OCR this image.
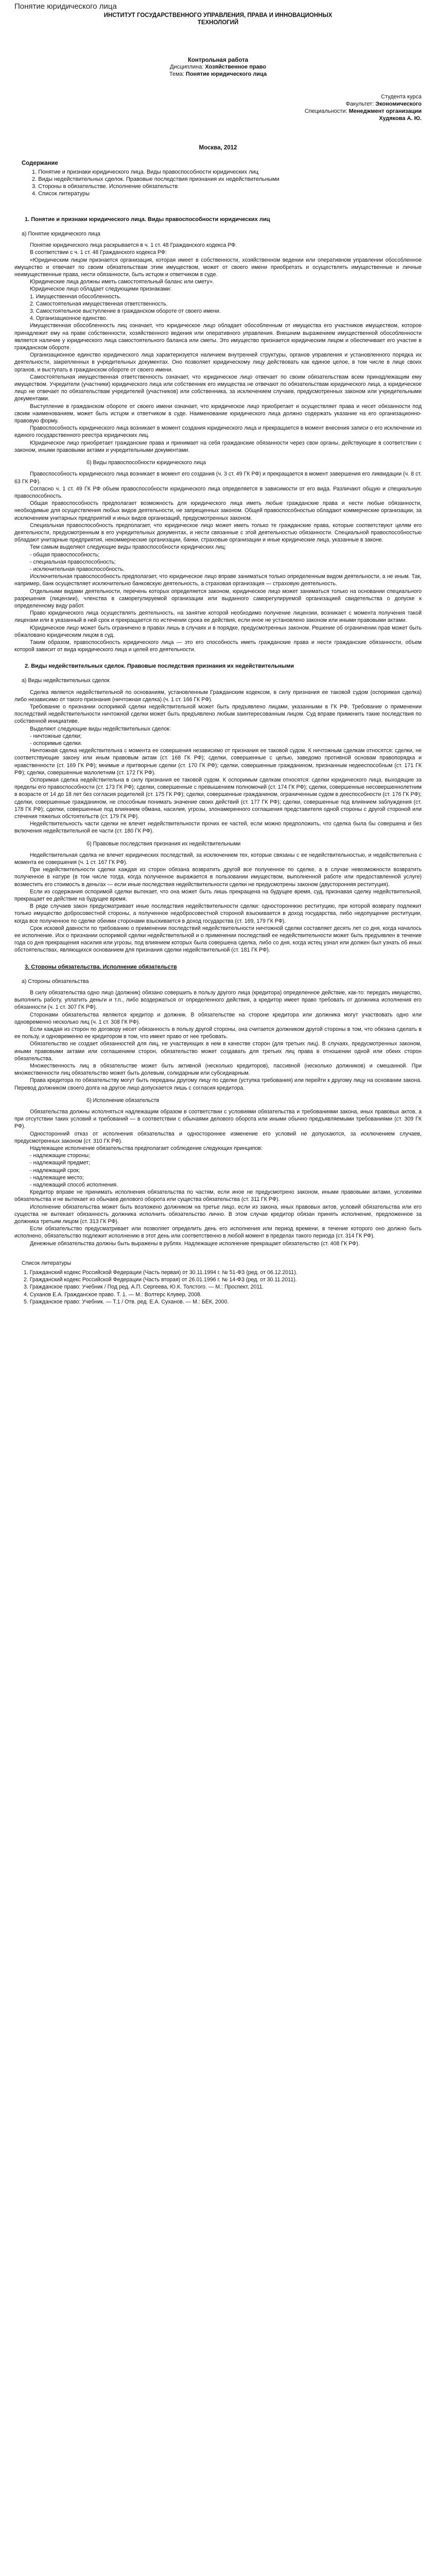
Понятие юридического лица
ИНСТИТУТ ГОСУДАРСТВЕННОГО УПРАВЛЕНИЯ, ПРАВА И ИННОВАЦИОННЫХ ТЕХНОЛОГИЙ
Контрольная работа
Дисциплина: Хозяйственное право
Тема: Понятие юридического лица
Студента курса
Факультет: Экономического
Специальности: Менеджмент организации
Худякова А. Ю.
Москва, 2012
Содержание
1. Понятие и признаки юридического лица. Виды правоспособности юридических лиц
2. Виды недействительных сделок. Правовые последствия признания их недействительными
3. Стороны в обязательстве. Исполнение обязательств
4. Список литературы
1. Понятие и признаки юридического лица. Виды правоспособности юридических лиц

а) Понятие юридического лица

Понятие юридического лица раскрывается в ч. 1 ст. 48 Гражданского кодекса РФ.

В соответствии с ч. 1 ст. 48 Гражданского кодекса РФ:

«Юридическим лицом признается организация, которая имеет в собственности, хозяйственном ведении или оперативном управлении обособленное имущество и отвечает по своим обязательствам этим имуществом, может от своего имени приобретать и осуществлять имущественные и личные неимущественные права, нести обязанности, быть истцом и ответчиком в суде.

Юридические лица должны иметь самостоятельный баланс или смету».

Юридическое лицо обладает следующими признаками:

1. Имущественная обособленность.

2. Самостоятельная имущественная ответственность.

3. Самостоятельное выступление в гражданском обороте от своего имени.

4. Организационное единство.

Имущественная обособленность лиц означает, что юридическое лицо обладает обособленным от имущества его участников имуществом, которое принадлежит ему на праве собственности, хозяйственного ведения или оперативного управления. Внешним выражением имущественной обособленности является наличие у юридического лица самостоятельного баланса или сметы. Это имущество признается юридическим лицом и обеспечивает его участие в гражданском обороте.

Организационное единство юридического лица характеризуется наличием внутренней структуры, органов управления и установленного порядка их деятельности, закрепленных в учредительных документах. Оно позволяет юридическому лицу действовать как единое целое, в том числе в лице своих органов, и выступать в гражданском обороте от своего имени.

Самостоятельная имущественная ответственность означает, что юридическое лицо отвечает по своим обязательствам всем принадлежащим ему имуществом. Учредители (участники) юридического лица или собственник его имущества не отвечают по обязательствам юридического лица, а юридическое лицо не отвечает по обязательствам учредителей (участников) или собственника, за исключением случаев, предусмотренных законом или учредительными документами.

Выступление в гражданском обороте от своего имени означает, что юридическое лицо приобретает и осуществляет права и несет обязанности под своим наименованием, может быть истцом и ответчиком в суде. Наименование юридического лица должно содержать указание на его организационно-правовую форму.

Правоспособность юридического лица возникает в момент создания юридического лица и прекращается в момент внесения записи о его исключении из единого государственного реестра юридических лиц.

Юридическое лицо приобретает гражданские права и принимает на себя гражданские обязанности через свои органы, действующие в соответствии с законом, иными правовыми актами и учредительными документами.

б) Виды правоспособности юридического лица

Правоспособность юридического лица возникает в момент его создания (ч. 3 ст. 49 ГК РФ) и прекращается в момент завершения его ликвидации (ч. 8 ст. 63 ГК РФ).

Согласно ч. 1 ст. 49 ГК РФ объем правоспособности юридического лица определяется в зависимости от его вида. Различают общую и специальную правоспособность.

Общая правоспособность предполагает возможность для юридического лица иметь любые гражданские права и нести любые обязанности, необходимые для осуществления любых видов деятельности, не запрещенных законом. Общей правоспособностью обладают коммерческие организации, за исключением унитарных предприятий и иных видов организаций, предусмотренных законом.

Специальная правоспособность предполагает, что юридическое лицо может иметь только те гражданские права, которые соответствуют целям его деятельности, предусмотренным в его учредительных документах, и нести связанные с этой деятельностью обязанности. Специальной правоспособностью обладают унитарные предприятия, некоммерческие организации, банки, страховые организации и иные юридические лица, указанные в законе.

Тем самым выделяют следующие виды правоспособности юридических лиц:

- общая правоспособность;

- специальная правоспособность;

- исключительная правоспособность.

Исключительная правоспособность предполагает, что юридическое лицо вправе заниматься только определенным видом деятельности, а не иным. Так, например, банк осуществляет исключительно банковскую деятельность, а страховая организация — страховую деятельность.

Отдельными видами деятельности, перечень которых определяется законом, юридическое лицо может заниматься только на основании специального разрешения (лицензии), членства в саморегулируемой организации или выданного саморегулируемой организацией свидетельства о допуске к определенному виду работ.

Право юридического лица осуществлять деятельность, на занятие которой необходимо получение лицензии, возникает с момента получения такой лицензии или в указанный в ней срок и прекращается по истечении срока ее действия, если иное не установлено законом или иными правовыми актами.

Юридическое лицо может быть ограничено в правах лишь в случаях и в порядке, предусмотренных законом. Решение об ограничении прав может быть обжаловано юридическим лицом в суд.

Таким образом, правоспособность юридического лица — это его способность иметь гражданские права и нести гражданские обязанности, объем которой зависит от вида юридического лица и целей его деятельности.

2. Виды недействительных сделок. Правовые последствия признания их недействительными

а) Виды недействительных сделок

Сделка является недействительной по основаниям, установленным Гражданским кодексом, в силу признания ее таковой судом (оспоримая сделка) либо независимо от такого признания (ничтожная сделка) (ч. 1 ст. 166 ГК РФ).

Требование о признании оспоримой сделки недействительной может быть предъявлено лицами, указанными в ГК РФ. Требование о применении последствий недействительности ничтожной сделки может быть предъявлено любым заинтересованным лицом. Суд вправе применить такие последствия по собственной инициативе.

Выделяют следующие виды недействительных сделок:

- ничтожные сделки;

- оспоримые сделки.

Ничтожная сделка недействительна с момента ее совершения независимо от признания ее таковой судом. К ничтожным сделкам относятся: сделки, не соответствующие закону или иным правовым актам (ст. 168 ГК РФ); сделки, совершенные с целью, заведомо противной основам правопорядка и нравственности (ст. 169 ГК РФ); мнимые и притворные сделки (ст. 170 ГК РФ); сделки, совершенные гражданином, признанным недееспособным (ст. 171 ГК РФ); сделки, совершенные малолетним (ст. 172 ГК РФ).

Оспоримая сделка недействительна в силу признания ее таковой судом. К оспоримым сделкам относятся: сделки юридического лица, выходящие за пределы его правоспособности (ст. 173 ГК РФ); сделки, совершенные с превышением полномочий (ст. 174 ГК РФ); сделки, совершенные несовершеннолетним в возрасте от 14 до 18 лет без согласия родителей (ст. 175 ГК РФ); сделки, совершенные гражданином, ограниченным судом в дееспособности (ст. 176 ГК РФ); сделки, совершенные гражданином, не способным понимать значение своих действий (ст. 177 ГК РФ); сделки, совершенные под влиянием заблуждения (ст. 178 ГК РФ); сделки, совершенные под влиянием обмана, насилия, угрозы, злонамеренного соглашения представителя одной стороны с другой стороной или стечения тяжелых обстоятельств (ст. 179 ГК РФ).

Недействительность части сделки не влечет недействительности прочих ее частей, если можно предположить, что сделка была бы совершена и без включения недействительной ее части (ст. 180 ГК РФ).

б) Правовые последствия признания их недействительными

Недействительная сделка не влечет юридических последствий, за исключением тех, которые связаны с ее недействительностью, и недействительна с момента ее совершения (ч. 1 ст. 167 ГК РФ).

При недействительности сделки каждая из сторон обязана возвратить другой все полученное по сделке, а в случае невозможности возвратить полученное в натуре (в том числе тогда, когда полученное выражается в пользовании имуществом, выполненной работе или предоставленной услуге) возместить его стоимость в деньгах — если иные последствия недействительности сделки не предусмотрены законом (двусторонняя реституция).

Если из содержания оспоримой сделки вытекает, что она может быть лишь прекращена на будущее время, суд, признавая сделку недействительной, прекращает ее действие на будущее время.

В ряде случаев закон предусматривает иные последствия недействительности сделки: одностороннюю реституцию, при которой возврату подлежит только имущество добросовестной стороны, а полученное недобросовестной стороной взыскивается в доход государства, либо недопущение реституции, когда все полученное по сделке обеими сторонами взыскивается в доход государства (ст. 169, 179 ГК РФ).

Срок исковой давности по требованию о применении последствий недействительности ничтожной сделки составляет десять лет со дня, когда началось ее исполнение. Иск о признании оспоримой сделки недействительной и о применении последствий ее недействительности может быть предъявлен в течение года со дня прекращения насилия или угрозы, под влиянием которых была совершена сделка, либо со дня, когда истец узнал или должен был узнать об иных обстоятельствах, являющихся основанием для признания сделки недействительной (ст. 181 ГК РФ).

3. Стороны обязательства. Исполнение обязательств

а) Стороны обязательства

В силу обязательства одно лицо (должник) обязано совершить в пользу другого лица (кредитора) определенное действие, как-то: передать имущество, выполнить работу, уплатить деньги и т.п., либо воздержаться от определенного действия, а кредитор имеет право требовать от должника исполнения его обязанности (ч. 1 ст. 307 ГК РФ).

Сторонами обязательства являются кредитор и должник. В обязательстве на стороне кредитора или должника могут участвовать одно или одновременно несколько лиц (ч. 1 ст. 308 ГК РФ).

Если каждая из сторон по договору несет обязанность в пользу другой стороны, она считается должником другой стороны в том, что обязана сделать в ее пользу, и одновременно ее кредитором в том, что имеет право от нее требовать.

Обязательство не создает обязанностей для лиц, не участвующих в нем в качестве сторон (для третьих лиц). В случаях, предусмотренных законом, иными правовыми актами или соглашением сторон, обязательство может создавать для третьих лиц права в отношении одной или обеих сторон обязательства.

Множественность лиц в обязательстве может быть активной (несколько кредиторов), пассивной (несколько должников) и смешанной. При множественности лиц обязательство может быть долевым, солидарным или субсидиарным.

Права кредитора по обязательству могут быть переданы другому лицу по сделке (уступка требования) или перейти к другому лицу на основании закона. Перевод должником своего долга на другое лицо допускается лишь с согласия кредитора.

б) Исполнение обязательств

Обязательства должны исполняться надлежащим образом в соответствии с условиями обязательства и требованиями закона, иных правовых актов, а при отсутствии таких условий и требований — в соответствии с обычаями делового оборота или иными обычно предъявляемыми требованиями (ст. 309 ГК РФ).

Односторонний отказ от исполнения обязательства и одностороннее изменение его условий не допускаются, за исключением случаев, предусмотренных законом (ст. 310 ГК РФ).

Надлежащее исполнение обязательства предполагает соблюдение следующих принципов:

- надлежащие стороны;

- надлежащий предмет;

- надлежащий срок;

- надлежащее место;

- надлежащий способ исполнения.

Кредитор вправе не принимать исполнения обязательства по частям, если иное не предусмотрено законом, иными правовыми актами, условиями обязательства и не вытекает из обычаев делового оборота или существа обязательства (ст. 311 ГК РФ).

Исполнение обязательства может быть возложено должником на третье лицо, если из закона, иных правовых актов, условий обязательства или его существа не вытекает обязанность должника исполнить обязательство лично. В этом случае кредитор обязан принять исполнение, предложенное за должника третьим лицом (ст. 313 ГК РФ).

Если обязательство предусматривает или позволяет определить день его исполнения или период времени, в течение которого оно должно быть исполнено, обязательство подлежит исполнению в этот день или соответственно в любой момент в пределах такого периода (ст. 314 ГК РФ).

Денежные обязательства должны быть выражены в рублях. Надлежащее исполнение прекращает обязательство (ст. 408 ГК РФ).

Список литературы

1. Гражданский кодекс Российской Федерации (Часть первая) от 30.11.1994 г. № 51-ФЗ (ред. от 06.12.2011).
2. Гражданский кодекс Российской Федерации (Часть вторая) от 26.01.1996 г. № 14-ФЗ (ред. от 30.11.2011).
3. Гражданское право: Учебник / Под ред. А.П. Сергеева, Ю.К. Толстого. — М.: Проспект, 2011.
4. Суханов Е.А. Гражданское право. Т. 1. — М.: Волтерс Клувер, 2008.
5. Гражданское право: Учебник. — Т.1 / Отв. ред. Е.А. Суханов. — М.: БЕК, 2000.
